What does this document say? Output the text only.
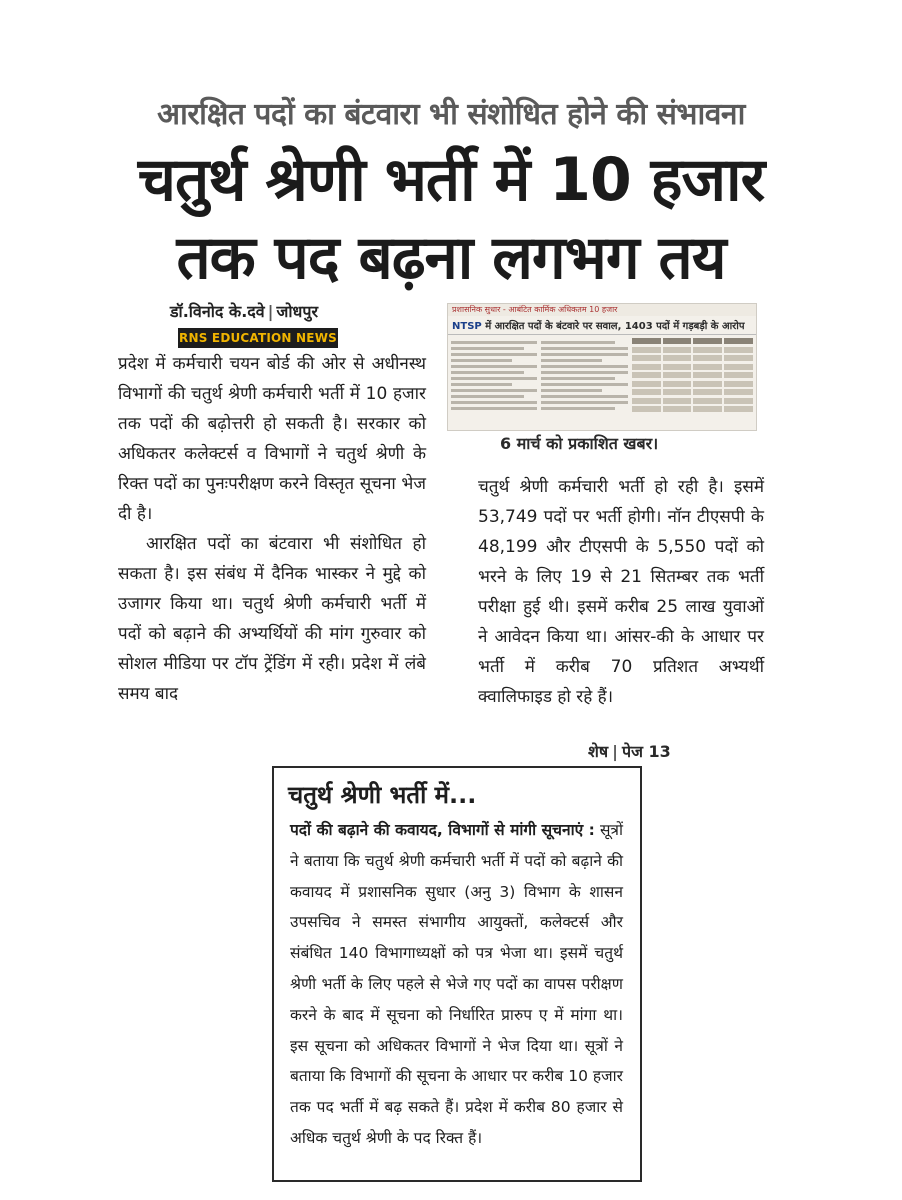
आरक्षित पदों का बंटवारा भी संशोधित होने की संभावना
चतुर्थ श्रेणी भर्ती में 10 हजार
तक पद बढ़ना लगभग तय
डॉ.विनोद के.दवे | जोधपुर
RNS EDUCATION NEWS

प्रदेश में कर्मचारी चयन बोर्ड की ओर से अधीनस्थ विभागों की चतुर्थ श्रेणी कर्मचारी भर्ती में 10 हजार तक पदों की बढ़ोत्तरी हो सकती है। सरकार को अधिकतर कलेक्टर्स व विभागों ने चतुर्थ श्रेणी के रिक्त पदों का पुनःपरीक्षण करने विस्तृत सूचना भेज दी है।

आरक्षित पदों का बंटवारा भी संशोधित हो सकता है। इस संबंध में दैनिक भास्कर ने मुद्दे को उजागर किया था। चतुर्थ श्रेणी कर्मचारी भर्ती में पदों को बढ़ाने की अभ्यर्थियों की मांग गुरुवार को सोशल मीडिया पर टॉप ट्रेंडिंग में रही। प्रदेश में लंबे समय बाद

प्रशासनिक सुधार - आबंटित कार्मिक अधिकतम 10 हजार
NTSP में आरक्षित पदों के बंटवारे पर सवाल, 1403 पदों में गड़बड़ी के आरोप
6 मार्च को प्रकाशित खबर।

चतुर्थ श्रेणी कर्मचारी भर्ती हो रही है। इसमें 53,749 पदों पर भर्ती होगी। नॉन टीएसपी के 48,199 और टीएसपी के 5,550 पदों को भरने के लिए 19 से 21 सितम्बर तक भर्ती परीक्षा हुई थी। इसमें करीब 25 लाख युवाओं ने आवेदन किया था। आंसर-की के आधार पर भर्ती में करीब 70 प्रतिशत अभ्यर्थी क्वालिफाइड हो रहे हैं।

शेष | पेज 13
चतुर्थ श्रेणी भर्ती में...
पदों की बढ़ाने की कवायद, विभागों से मांगी सूचनाएं : सूत्रों ने बताया कि चतुर्थ श्रेणी कर्मचारी भर्ती में पदों को बढ़ाने की कवायद में प्रशासनिक सुधार (अनु 3) विभाग के शासन उपसचिव ने समस्त संभागीय आयुक्तों, कलेक्टर्स और संबंधित 140 विभागाध्यक्षों को पत्र भेजा था। इसमें चतुर्थ श्रेणी भर्ती के लिए पहले से भेजे गए पदों का वापस परीक्षण करने के बाद में सूचना को निर्धारित प्रारुप ए में मांगा था। इस सूचना को अधिकतर विभागों ने भेज दिया था। सूत्रों ने बताया कि विभागों की सूचना के आधार पर करीब 10 हजार तक पद भर्ती में बढ़ सकते हैं। प्रदेश में करीब 80 हजार से अधिक चतुर्थ श्रेणी के पद रिक्त हैं।
